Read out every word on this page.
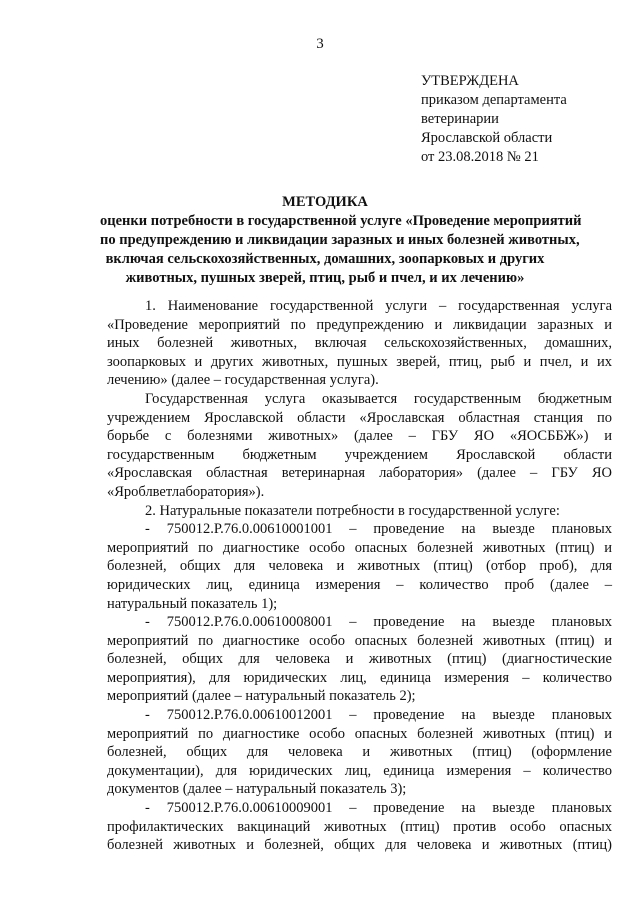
3
УТВЕРЖДЕНА
приказом департамента
ветеринарии
Ярославской области
от 23.08.2018 № 21
МЕТОДИКА
оценки потребности в государственной услуге «Проведение мероприятий
по предупреждению и ликвидации заразных и иных болезней животных,
включая сельскохозяйственных, домашних, зоопарковых и других
животных, пушных зверей, птиц, рыб и пчел, и их лечению»
1. Наименование государственной услуги – государственная услуга
«Проведение мероприятий по предупреждению и ликвидации заразных и
иных болезней животных, включая сельскохозяйственных, домашних,
зоопарковых и других животных, пушных зверей, птиц, рыб и пчел, и их
лечению» (далее – государственная услуга).
Государственная услуга оказывается государственным бюджетным
учреждением Ярославской области «Ярославская областная станция по
борьбе с болезнями животных» (далее – ГБУ ЯО «ЯОСББЖ») и
государственным бюджетным учреждением Ярославской области
«Ярославская областная ветеринарная лаборатория» (далее – ГБУ ЯО
«Яроблветлаборатория»).
2. Натуральные показатели потребности в государственной услуге:
- 750012.Р.76.0.00610001001 – проведение на выезде плановых
мероприятий по диагностике особо опасных болезней животных (птиц) и
болезней, общих для человека и животных (птиц) (отбор проб), для
юридических лиц, единица измерения – количество проб (далее –
натуральный показатель 1);
- 750012.Р.76.0.00610008001 – проведение на выезде плановых
мероприятий по диагностике особо опасных болезней животных (птиц) и
болезней, общих для человека и животных (птиц) (диагностические
мероприятия), для юридических лиц, единица измерения – количество
мероприятий (далее – натуральный показатель 2);
- 750012.Р.76.0.00610012001 – проведение на выезде плановых
мероприятий по диагностике особо опасных болезней животных (птиц) и
болезней, общих для человека и животных (птиц) (оформление
документации), для юридических лиц, единица измерения – количество
документов (далее – натуральный показатель 3);
- 750012.Р.76.0.00610009001 – проведение на выезде плановых
профилактических вакцинаций животных (птиц) против особо опасных
болезней животных и болезней, общих для человека и животных (птиц)
